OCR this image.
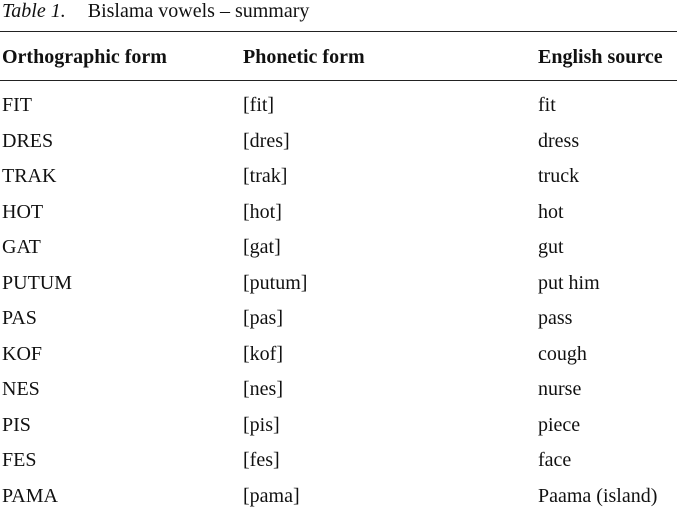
Table 1. Bislama vowels – summary
Orthographic form	Phonetic form	English source
FIT	[fit]	fit
DRES	[dres]	dress
TRAK	[trak]	truck
HOT	[hot]	hot
GAT	[gat]	gut
PUTUM	[putum]	put him
PAS	[pas]	pass
KOF	[kof]	cough
NES	[nes]	nurse
PIS	[pis]	piece
FES	[fes]	face
PAMA	[pama]	Paama (island)
